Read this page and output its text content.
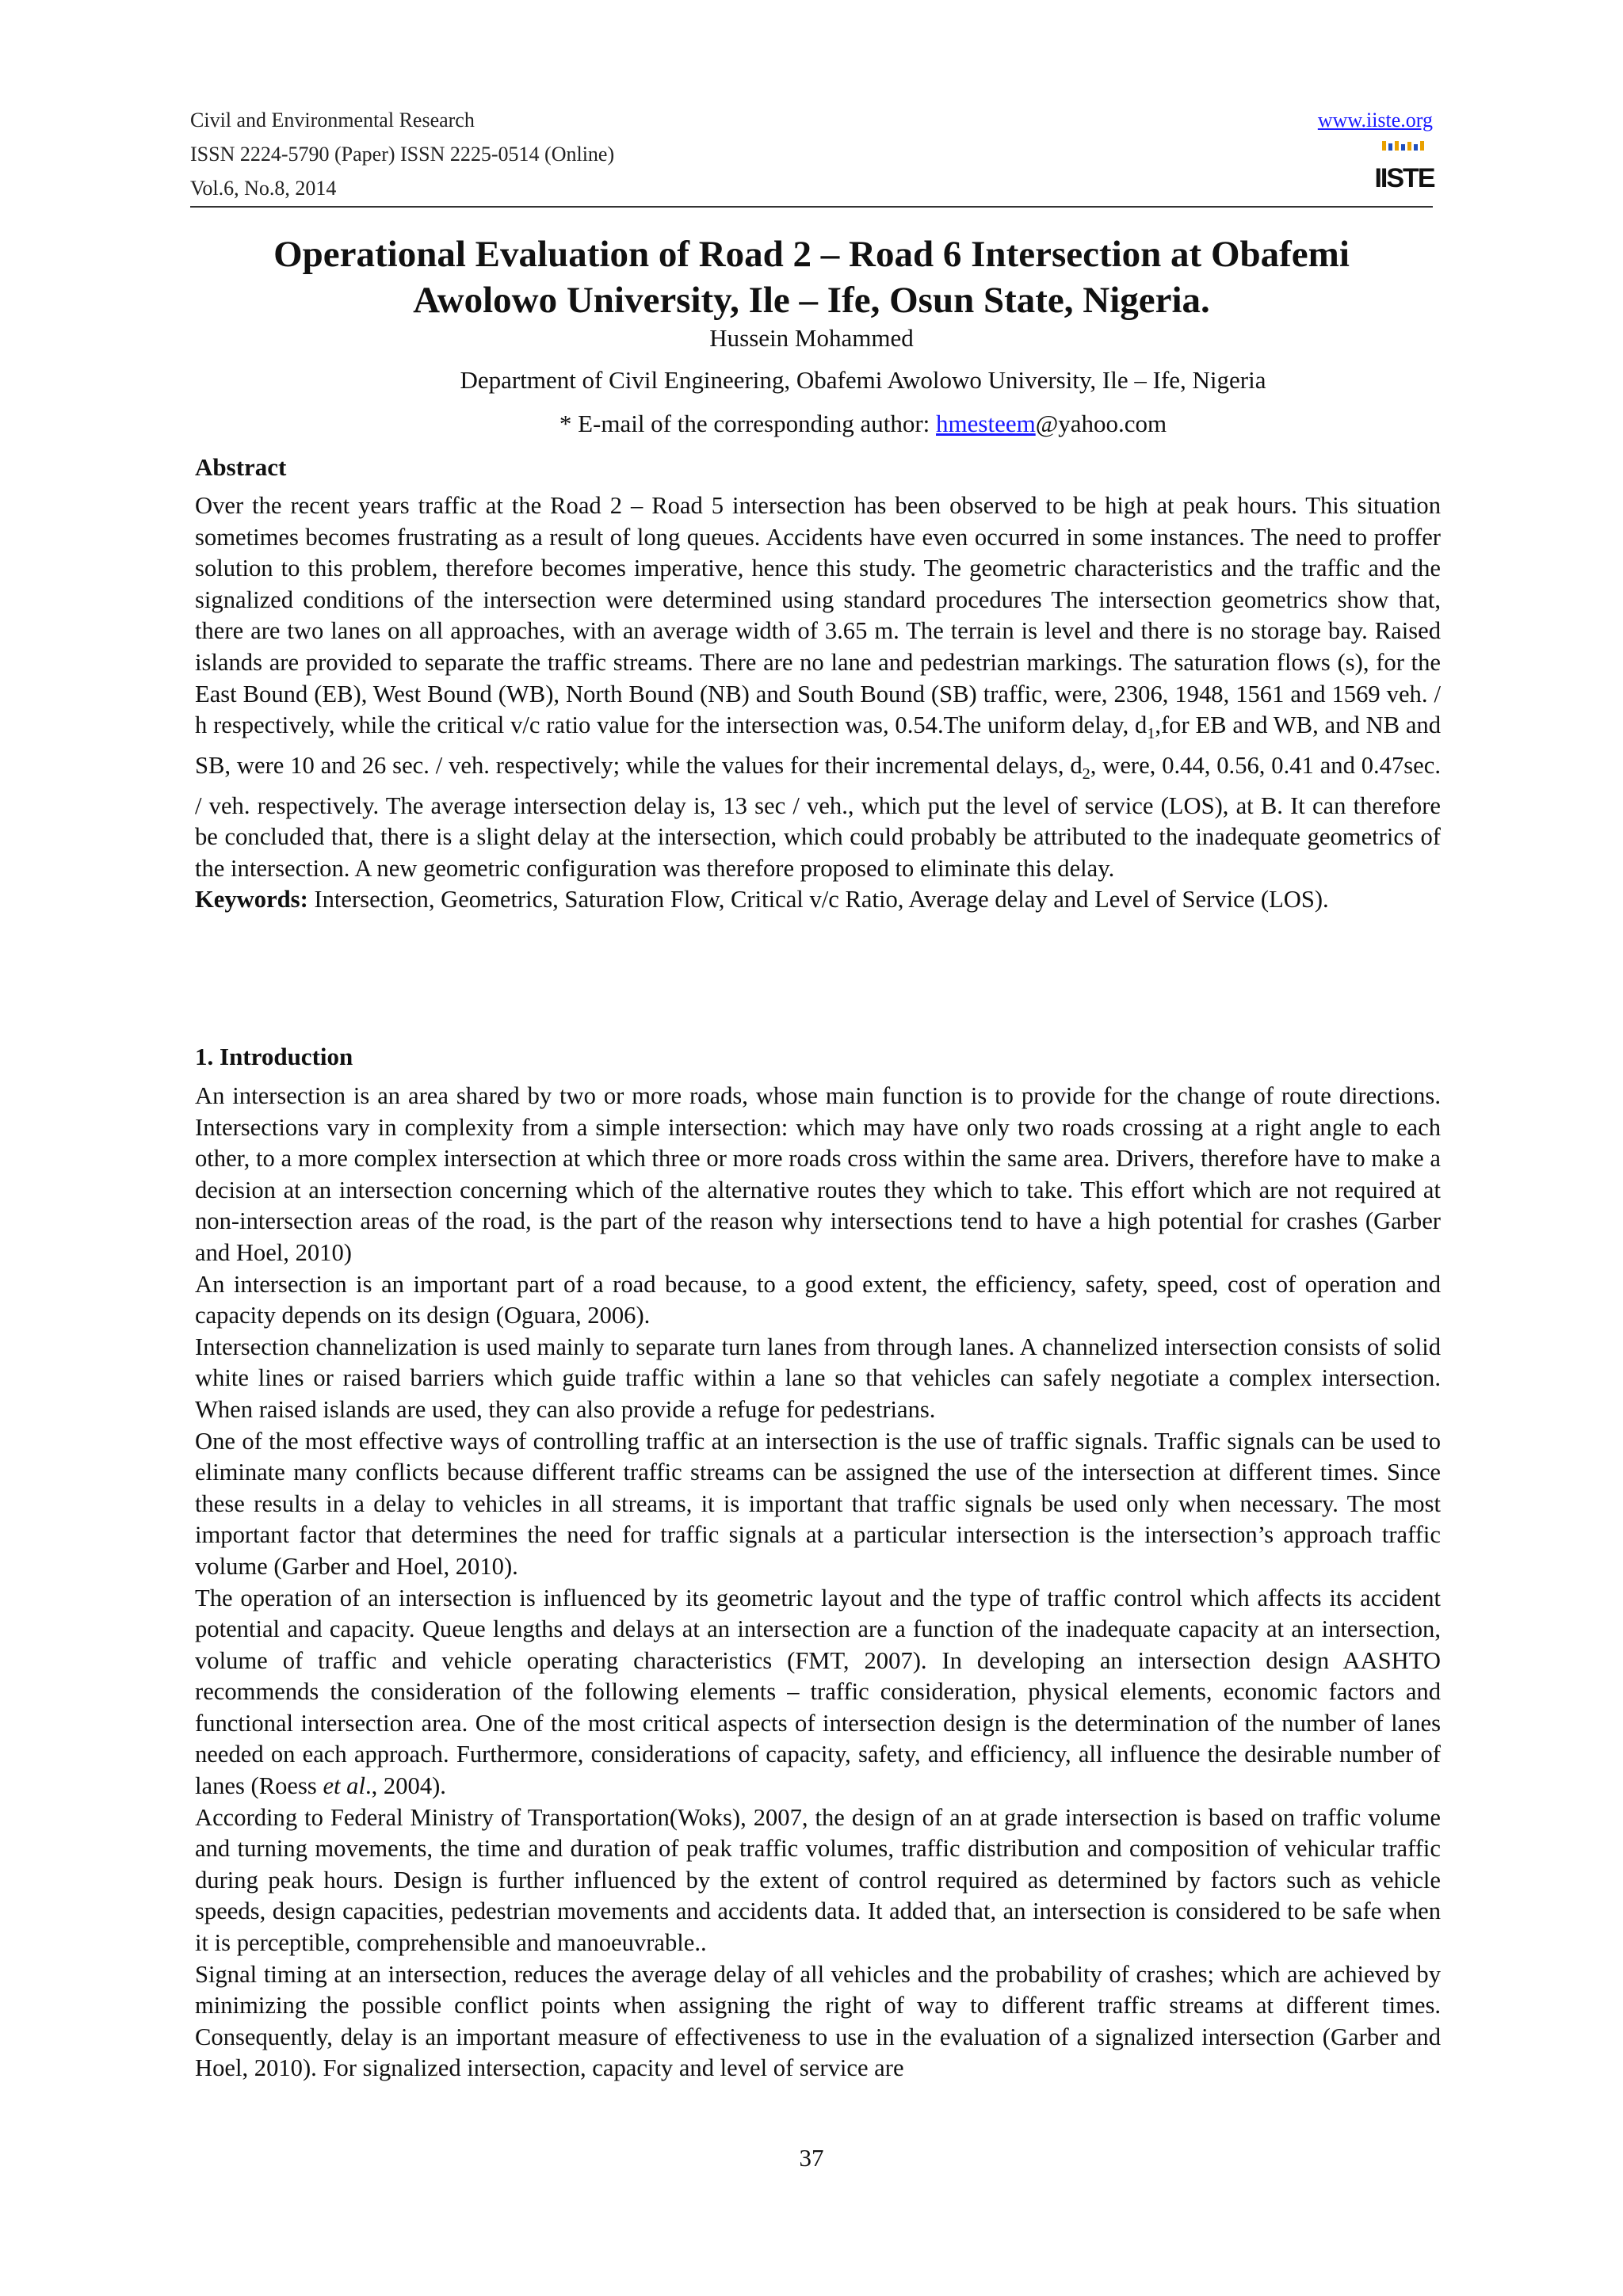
Civil and Environmental Research
ISSN 2224-5790 (Paper) ISSN 2225-0514 (Online)
Vol.6, No.8, 2014
www.iiste.org
IISTE
Operational Evaluation of Road 2 – Road 6 Intersection at Obafemi
Awolowo University, Ile – Ife, Osun State, Nigeria.
Hussein Mohammed
Department of Civil Engineering, Obafemi Awolowo University, Ile – Ife, Nigeria
* E-mail of the corresponding author: hmesteem@yahoo.com
Abstract

Over the recent years traffic at the Road 2 – Road 5 intersection has been observed to be high at peak hours. This situation sometimes becomes frustrating as a result of long queues. Accidents have even occurred in some instances. The need to proffer solution to this problem, therefore becomes imperative, hence this study. The geometric characteristics and the traffic and the signalized conditions of the intersection were determined using standard procedures The intersection geometrics show that, there are two lanes on all approaches, with an average width of 3.65 m. The terrain is level and there is no storage bay. Raised islands are provided to separate the traffic streams. There are no lane and pedestrian markings. The saturation flows (s), for the East Bound (EB), West Bound (WB), North Bound (NB) and South Bound (SB) traffic, were, 2306, 1948, 1561 and 1569 veh. / h respectively, while the critical v/c ratio value for the intersection was, 0.54.The uniform delay, $d_1,for$ EB and WB, and NB and SB, were 10 and 26 sec. / veh. respectively; while the values for their incremental delays, $d_2$, were, 0.44, 0.56, 0.41 and 0.47sec. / veh. respectively. The average intersection delay is, 13 sec / veh., which put the level of service (LOS), at B. It can therefore be concluded that, there is a slight delay at the intersection, which could probably be attributed to the inadequate geometrics of the intersection. A new geometric configuration was therefore proposed to eliminate this delay.

Keywords: Intersection, Geometrics, Saturation Flow, Critical v/c Ratio, Average delay and Level of Service (LOS).

1. Introduction

An intersection is an area shared by two or more roads, whose main function is to provide for the change of route directions. Intersections vary in complexity from a simple intersection: which may have only two roads crossing at a right angle to each other, to a more complex intersection at which three or more roads cross within the same area. Drivers, therefore have to make a decision at an intersection concerning which of the alternative routes they which to take. This effort which are not required at non-intersection areas of the road, is the part of the reason why intersections tend to have a high potential for crashes (Garber and Hoel, 2010)

An intersection is an important part of a road because, to a good extent, the efficiency, safety, speed, cost of operation and capacity depends on its design (Oguara, 2006).

Intersection channelization is used mainly to separate turn lanes from through lanes. A channelized intersection consists of solid white lines or raised barriers which guide traffic within a lane so that vehicles can safely negotiate a complex intersection. When raised islands are used, they can also provide a refuge for pedestrians.

One of the most effective ways of controlling traffic at an intersection is the use of traffic signals. Traffic signals can be used to eliminate many conflicts because different traffic streams can be assigned the use of the intersection at different times. Since these results in a delay to vehicles in all streams, it is important that traffic signals be used only when necessary. The most important factor that determines the need for traffic signals at a particular intersection is the intersection’s approach traffic volume (Garber and Hoel, 2010).

The operation of an intersection is influenced by its geometric layout and the type of traffic control which affects its accident potential and capacity. Queue lengths and delays at an intersection are a function of the inadequate capacity at an intersection, volume of traffic and vehicle operating characteristics (FMT, 2007). In developing an intersection design AASHTO recommends the consideration of the following elements – traffic consideration, physical elements, economic factors and functional intersection area. One of the most critical aspects of intersection design is the determination of the number of lanes needed on each approach. Furthermore, considerations of capacity, safety, and efficiency, all influence the desirable number of lanes (Roess et al., 2004).

According to Federal Ministry of Transportation(Woks), 2007, the design of an at grade intersection is based on traffic volume and turning movements, the time and duration of peak traffic volumes, traffic distribution and composition of vehicular traffic during peak hours. Design is further influenced by the extent of control required as determined by factors such as vehicle speeds, design capacities, pedestrian movements and accidents data. It added that, an intersection is considered to be safe when it is perceptible, comprehensible and manoeuvrable..

Signal timing at an intersection, reduces the average delay of all vehicles and the probability of crashes; which are achieved by minimizing the possible conflict points when assigning the right of way to different traffic streams at different times. Consequently, delay is an important measure of effectiveness to use in the evaluation of a signalized intersection (Garber and Hoel, 2010). For signalized intersection, capacity and level of service are

37
